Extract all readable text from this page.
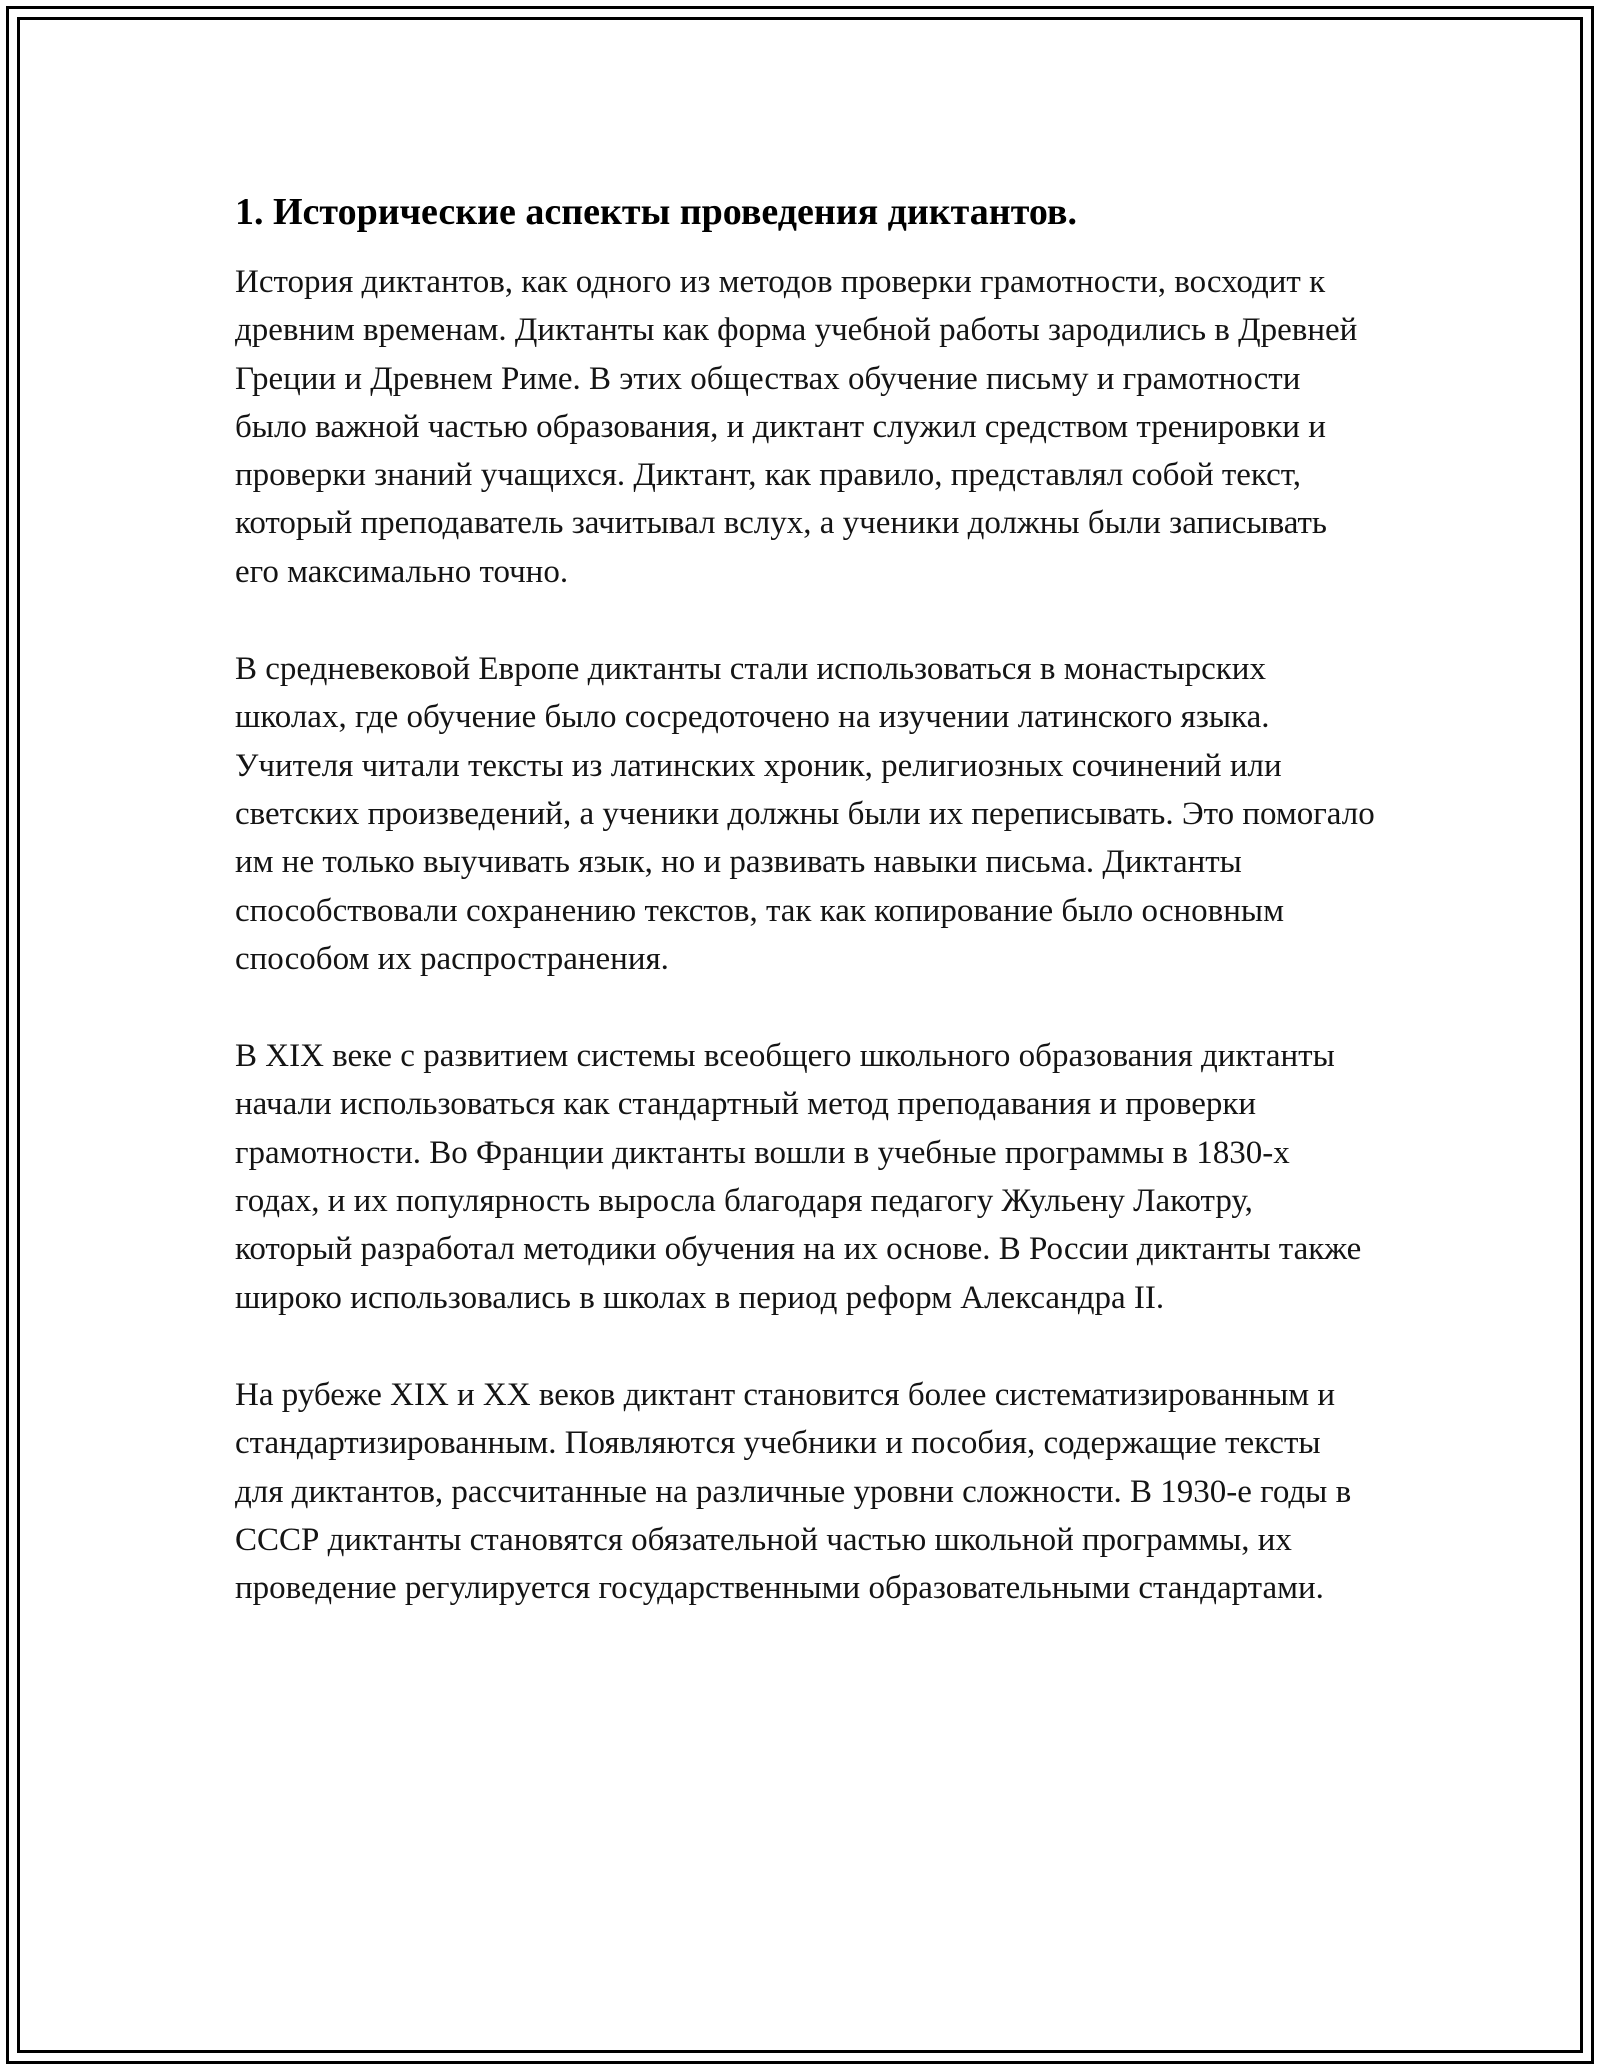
1. Исторические аспекты проведения диктантов.

История диктантов, как одного из методов проверки грамотности, восходит к древним временам. Диктанты как форма учебной работы зародились в Древней Греции и Древнем Риме. В этих обществах обучение письму и грамотности было важной частью образования, и диктант служил средством тренировки и проверки знаний учащихся. Диктант, как правило, представлял собой текст, который преподаватель зачитывал вслух, а ученики должны были записывать его максимально точно.

В средневековой Европе диктанты стали использоваться в монастырских школах, где обучение было сосредоточено на изучении латинского языка. Учителя читали тексты из латинских хроник, религиозных сочинений или светских произведений, а ученики должны были их переписывать. Это помогало им не только выучивать язык, но и развивать навыки письма. Диктанты способствовали сохранению текстов, так как копирование было основным способом их распространения.

В XIX веке с развитием системы всеобщего школьного образования диктанты начали использоваться как стандартный метод преподавания и проверки грамотности. Во Франции диктанты вошли в учебные программы в 1830-х годах, и их популярность выросла благодаря педагогу Жульену Лакотру, который разработал методики обучения на их основе. В России диктанты также широко использовались в школах в период реформ Александра II.

На рубеже XIX и XX веков диктант становится более систематизированным и стандартизированным. Появляются учебники и пособия, содержащие тексты для диктантов, рассчитанные на различные уровни сложности. В 1930-е годы в СССР диктанты становятся обязательной частью школьной программы, их проведение регулируется государственными образовательными стандартами.
